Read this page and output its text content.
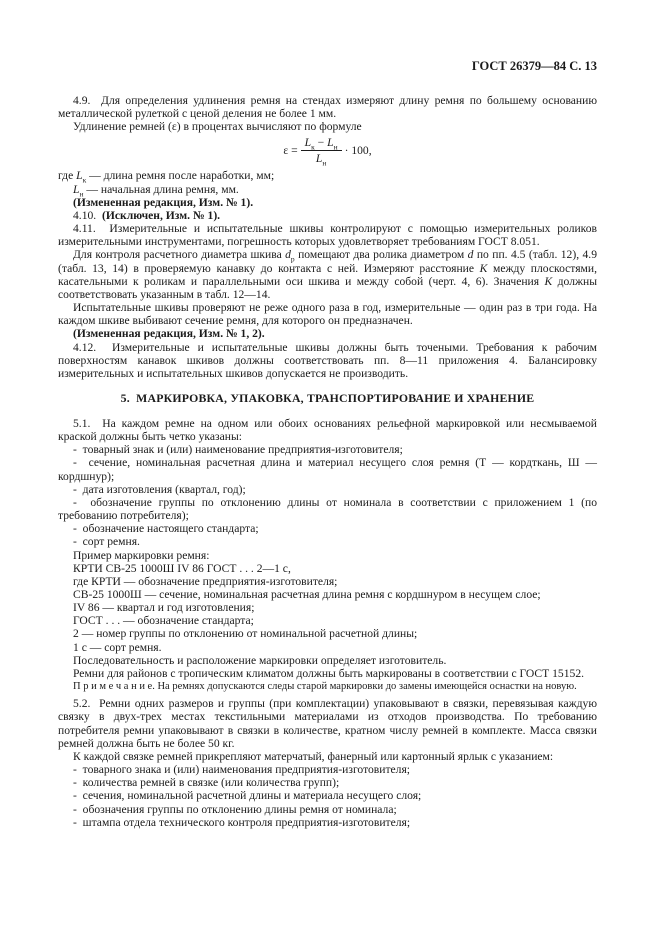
ГОСТ 26379—84 С. 13

4.9.  Для определения удлинения ремня на стендах измеряют длину ремня по большему основанию металлической рулеткой с ценой деления не более 1 мм.

Удлинение ремней (ε) в процентах вычисляют по формуле

$\varepsilon = \frac{L_к - L_н}{L_н} \cdot 100$,

где $L_к$ — длина ремня после наработки, мм;

$L_н$ — начальная длина ремня, мм.

(Измененная редакция, Изм. № 1).

4.10.  (Исключен, Изм. № 1).

4.11.  Измерительные и испытательные шкивы контролируют с помощью измерительных роликов измерительными инструментами, погрешность которых удовлетворяет требованиям ГОСТ 8.051.

Для контроля расчетного диаметра шкива $d_р$ помещают два ролика диаметром d по пп. 4.5 (табл. 12), 4.9 (табл. 13, 14) в проверяемую канавку до контакта с ней. Измеряют расстояние K между плоскостями, касательными к роликам и параллельными оси шкива и между собой (черт. 4, 6). Значения K должны соответствовать указанным в табл. 12—14.

Испытательные шкивы проверяют не реже одного раза в год, измерительные — один раз в три года. На каждом шкиве выбивают сечение ремня, для которого он предназначен.

(Измененная редакция, Изм. № 1, 2).

4.12.  Измерительные и испытательные шкивы должны быть точеными. Требования к рабочим поверхностям канавок шкивов должны соответствовать пп. 8—11 приложения 4. Балансировку измерительных и испытательных шкивов допускается не производить.

5.  МАРКИРОВКА, УПАКОВКА, ТРАНСПОРТИРОВАНИЕ И ХРАНЕНИЕ

5.1.  На каждом ремне на одном или обоих основаниях рельефной маркировкой или несмываемой краской должны быть четко указаны:

-  товарный знак и (или) наименование предприятия-изготовителя;

-  сечение, номинальная расчетная длина и материал несущего слоя ремня (Т — кордткань, Ш — кордшнур);

-  дата изготовления (квартал, год);

-  обозначение группы по отклонению длины от номинала в соответствии с приложением 1 (по требованию потребителя);

-  обозначение настоящего стандарта;

-  сорт ремня.

Пример маркировки ремня:

КРТИ СВ-25 1000Ш IV 86 ГОСТ . . . 2—1 с,

где КРТИ — обозначение предприятия-изготовителя;

СВ-25 1000Ш — сечение, номинальная расчетная длина ремня с кордшнуром в несущем слое;

IV 86 — квартал и год изготовления;

ГОСТ . . . — обозначение стандарта;

2 — номер группы по отклонению от номинальной расчетной длины;

1 с — сорт ремня.

Последовательность и расположение маркировки определяет изготовитель.

Ремни для районов с тропическим климатом должны быть маркированы в соответствии с ГОСТ 15152.

П р и м е ч а н и е. На ремнях допускаются следы старой маркировки до замены имеющейся оснастки на новую.

5.2.  Ремни одних размеров и группы (при комплектации) упаковывают в связки, перевязывая каждую связку в двух-трех местах текстильными материалами из отходов производства. По требованию потребителя ремни упаковывают в связки в количестве, кратном числу ремней в комплекте. Масса связки ремней должна быть не более 50 кг.

К каждой связке ремней прикрепляют матерчатый, фанерный или картонный ярлык с указанием:

-  товарного знака и (или) наименования предприятия-изготовителя;

-  количества ремней в связке (или количества групп);

-  сечения, номинальной расчетной длины и материала несущего слоя;

-  обозначения группы по отклонению длины ремня от номинала;

-  штампа отдела технического контроля предприятия-изготовителя;
